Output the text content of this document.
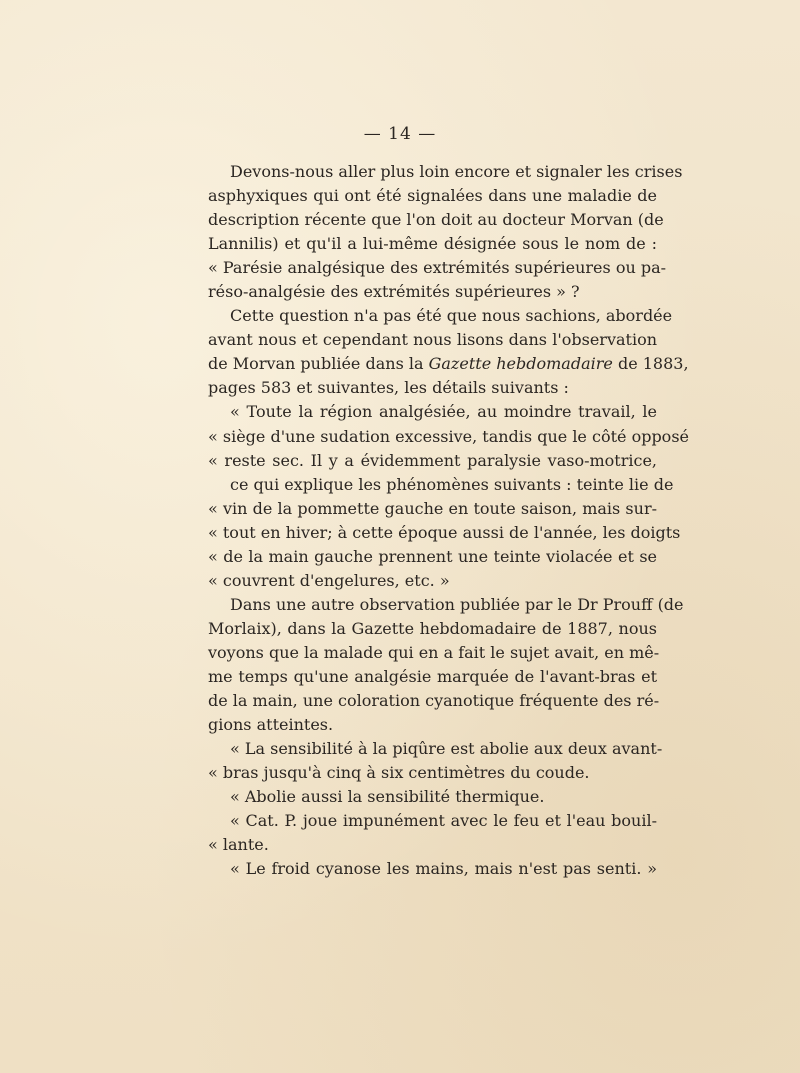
— 14 —
Devons-nous aller plus loin encore et signaler les crises
asphyxiques qui ont été signalées dans une maladie de
description récente que l'on doit au docteur Morvan (de
Lannilis) et qu'il a lui-même désignée sous le nom de :
« Parésie analgésique des extrémités supérieures ou pa-
réso-analgésie des extrémités supérieures » ?
Cette question n'a pas été que nous sachions, abordée
avant nous et cependant nous lisons dans l'observation
de Morvan publiée dans la Gazette hebdomadaire de 1883,
pages 583 et suivantes, les détails suivants :
« Toute la région analgésiée, au moindre travail, le
« siège d'une sudation excessive, tandis que le côté opposé
« reste sec. Il y a évidemment paralysie vaso-motrice,
ce qui explique les phénomènes suivants : teinte lie de
« vin de la pommette gauche en toute saison, mais sur-
« tout en hiver; à cette époque aussi de l'année, les doigts
« de la main gauche prennent une teinte violacée et se
« couvrent d'engelures, etc. »
Dans une autre observation publiée par le Dr Prouff (de
Morlaix), dans la Gazette hebdomadaire de 1887, nous
voyons que la malade qui en a fait le sujet avait, en mê-
me temps qu'une analgésie marquée de l'avant-bras et
de la main, une coloration cyanotique fréquente des ré-
gions atteintes.
« La sensibilité à la piqûre est abolie aux deux avant-
« bras jusqu'à cinq à six centimètres du coude.
« Abolie aussi la sensibilité thermique.
« Cat. P. joue impunément avec le feu et l'eau bouil-
« lante.
« Le froid cyanose les mains, mais n'est pas senti. »
